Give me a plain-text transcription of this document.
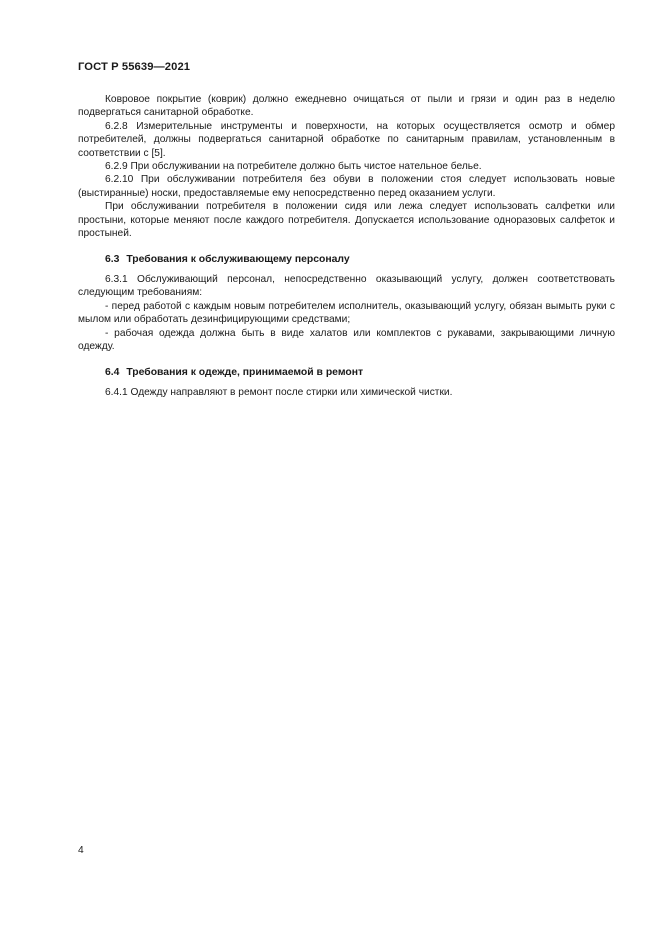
ГОСТ Р 55639—2021

Ковровое покрытие (коврик) должно ежедневно очищаться от пыли и грязи и один раз в неделю подвергаться санитарной обработке.

6.2.8 Измерительные инструменты и поверхности, на которых осуществляется осмотр и обмер потребителей, должны подвергаться санитарной обработке по санитарным правилам, установленным в соответствии с [5].

6.2.9 При обслуживании на потребителе должно быть чистое нательное белье.

6.2.10 При обслуживании потребителя без обуви в положении стоя следует использовать новые (выстиранные) носки, предоставляемые ему непосредственно перед оказанием услуги.

При обслуживании потребителя в положении сидя или лежа следует использовать салфетки или простыни, которые меняют после каждого потребителя. Допускается использование одноразовых салфеток и простыней.

6.3 Требования к обслуживающему персоналу

6.3.1 Обслуживающий персонал, непосредственно оказывающий услугу, должен соответствовать следующим требованиям:

- перед работой с каждым новым потребителем исполнитель, оказывающий услугу, обязан вымыть руки с мылом или обработать дезинфицирующими средствами;

- рабочая одежда должна быть в виде халатов или комплектов с рукавами, закрывающими личную одежду.

6.4 Требования к одежде, принимаемой в ремонт

6.4.1 Одежду направляют в ремонт после стирки или химической чистки.

4
